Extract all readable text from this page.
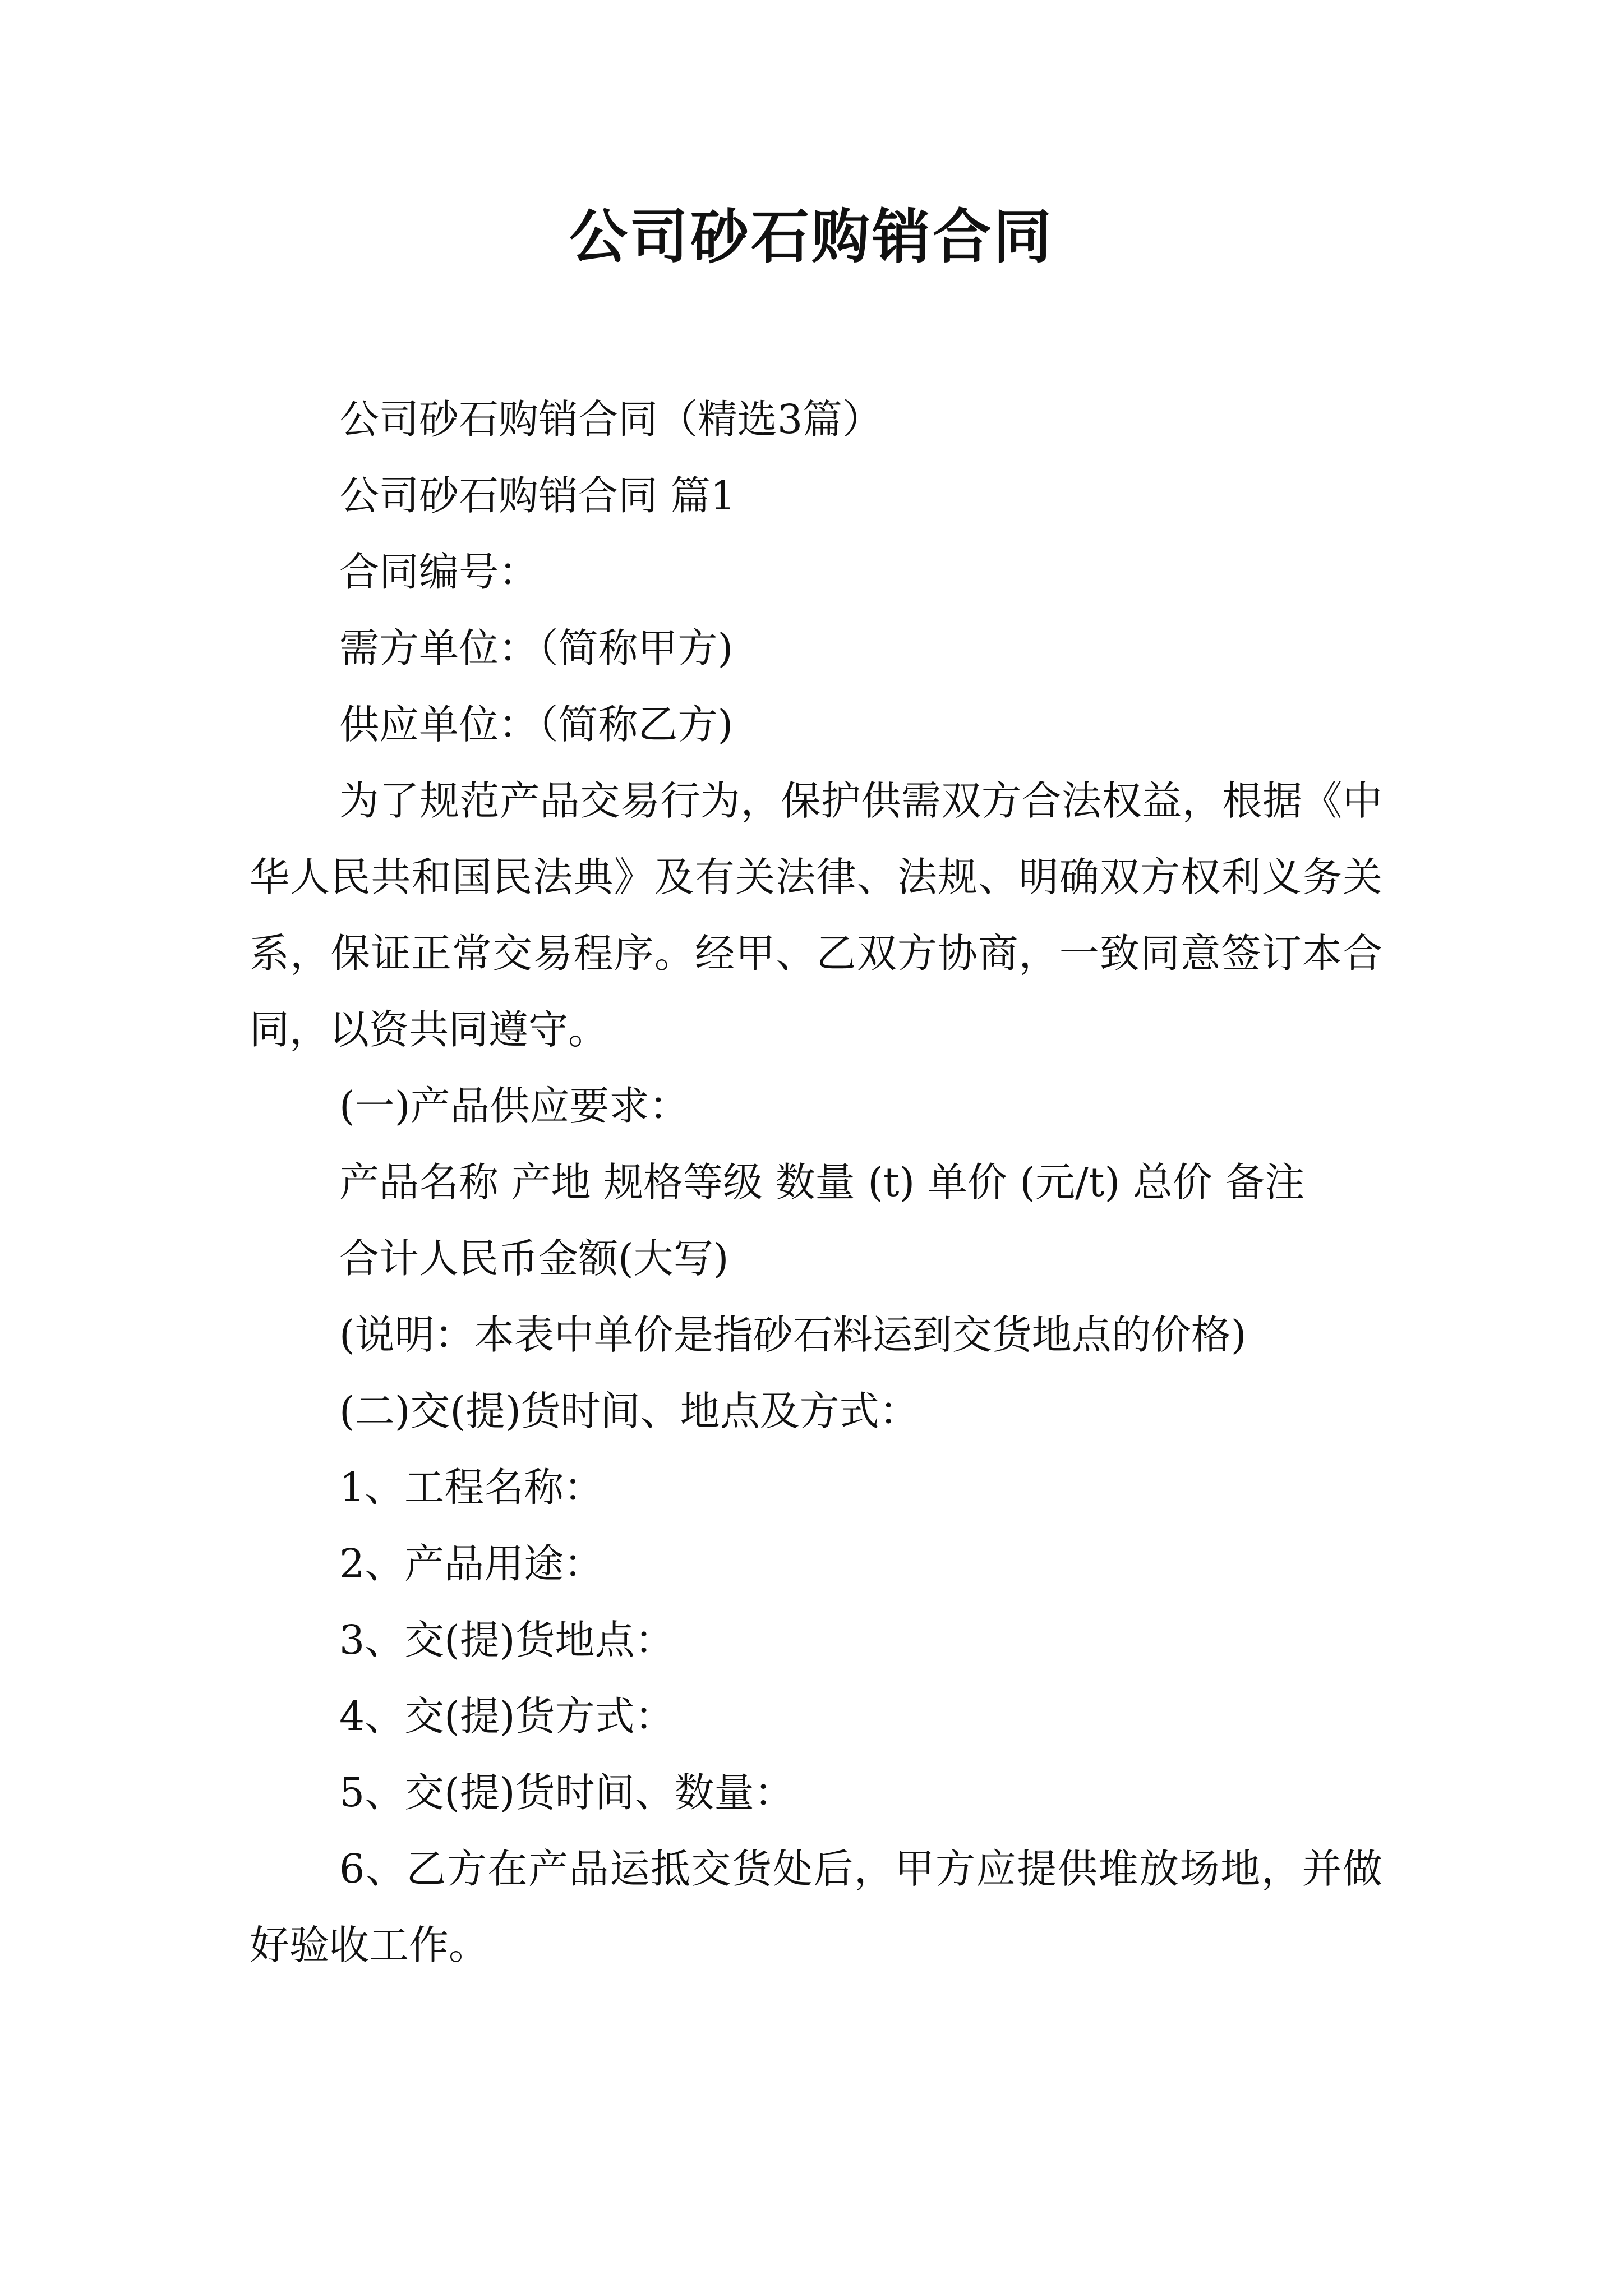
公司砂石购销合同

公司砂石购销合同（精选3篇）

公司砂石购销合同 篇1

合同编号：

需方单位：（简称甲方)

供应单位：（简称乙方)

为了规范产品交易行为，保护供需双方合法权益，根据《中华人民共和国民法典》及有关法律、法规、明确双方权利义务关系，保证正常交易程序。经甲、乙双方协商，一致同意签订本合同，以资共同遵守。

(一)产品供应要求：

产品名称 产地 规格等级 数量 (t) 单价 (元/t) 总价 备注

合计人民币金额(大写)

(说明：本表中单价是指砂石料运到交货地点的价格)

(二)交(提)货时间、地点及方式：

1、工程名称：

2、产品用途：

3、交(提)货地点：

4、交(提)货方式：

5、交(提)货时间、数量：

6、乙方在产品运抵交货处后，甲方应提供堆放场地，并做好验收工作。
